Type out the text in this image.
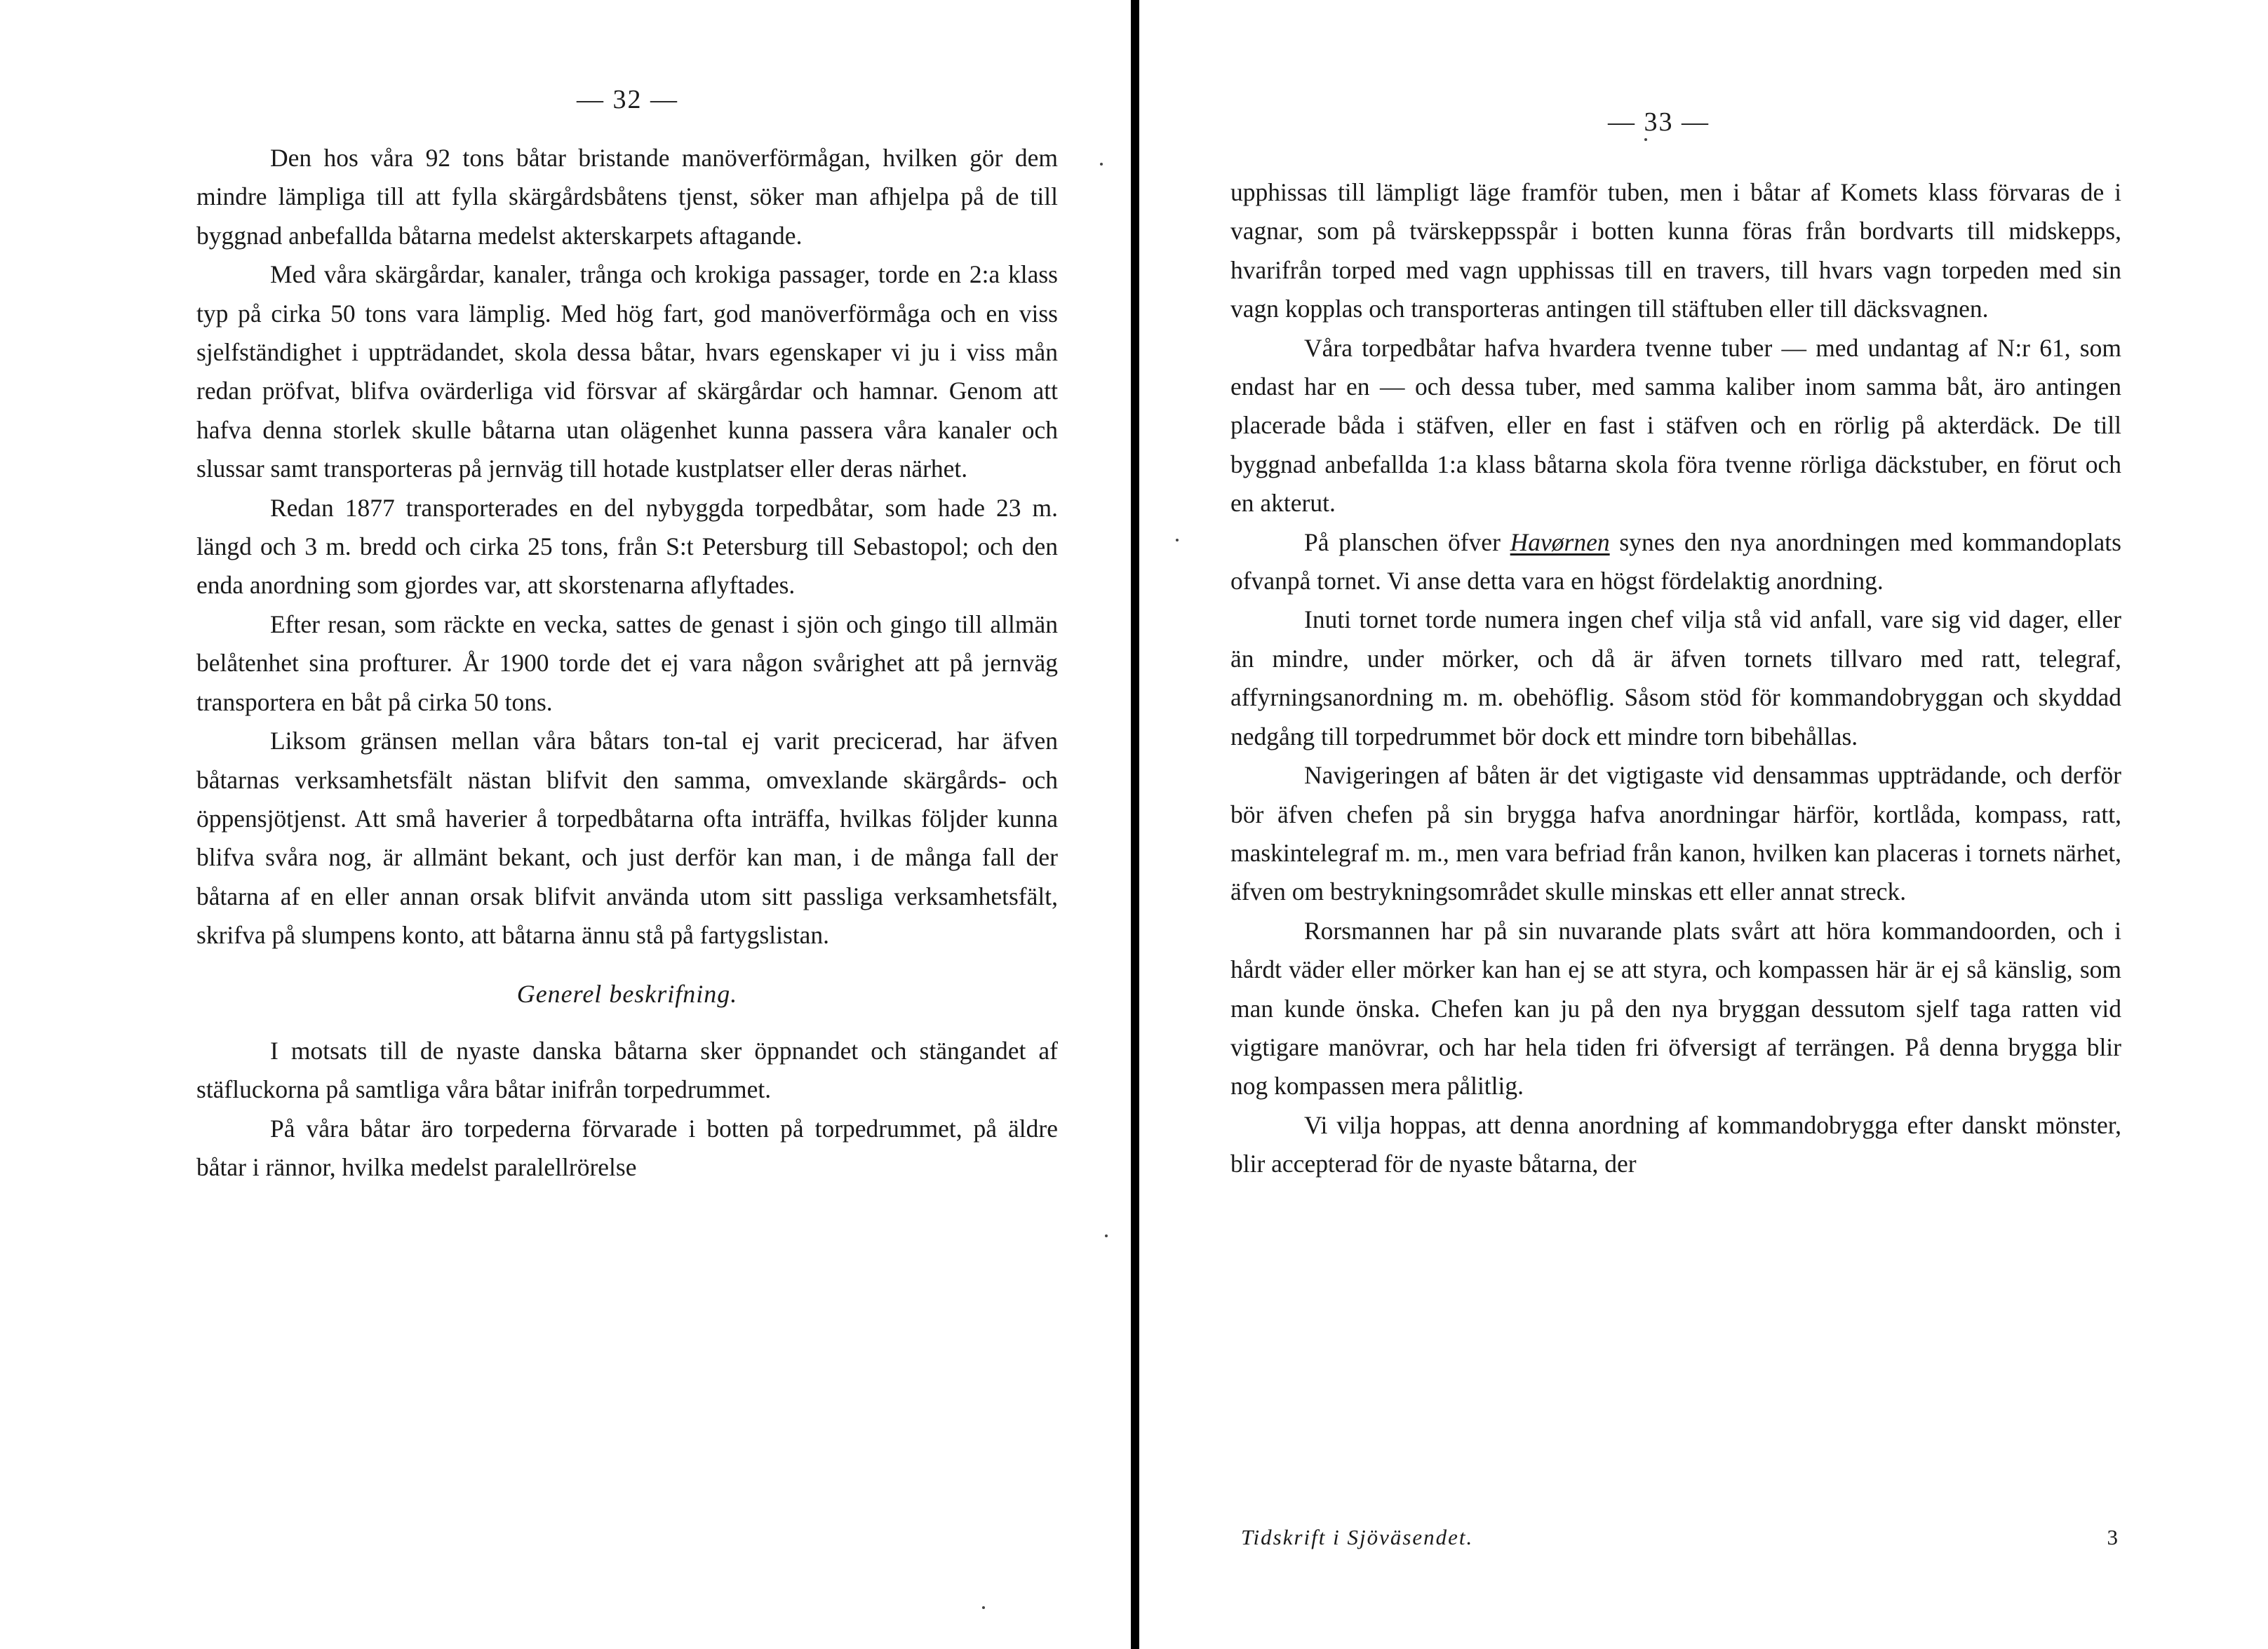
— 32 —

Den hos våra 92 tons båtar bristande manöverförmågan, hvilken gör dem mindre lämpliga till att fylla skärgårdsbåtens tjenst, söker man afhjelpa på de till byggnad anbefallda båtarna medelst akterskarpets aftagande.

Med våra skärgårdar, kanaler, trånga och krokiga passager, torde en 2:a klass typ på cirka 50 tons vara lämplig. Med hög fart, god manöverförmåga och en viss sjelfständighet i uppträdandet, skola dessa båtar, hvars egenskaper vi ju i viss mån redan pröfvat, blifva ovärderliga vid försvar af skärgårdar och hamnar. Genom att hafva denna storlek skulle båtarna utan olägenhet kunna passera våra kanaler och slussar samt transporteras på jernväg till hotade kustplatser eller deras närhet.

Redan 1877 transporterades en del nybyggda torpedbåtar, som hade 23 m. längd och 3 m. bredd och cirka 25 tons, från S:t Petersburg till Sebastopol; och den enda anordning som gjordes var, att skorstenarna aflyftades.

Efter resan, som räckte en vecka, sattes de genast i sjön och gingo till allmän belåtenhet sina profturer. År 1900 torde det ej vara någon svårighet att på jernväg transportera en båt på cirka 50 tons.

Liksom gränsen mellan våra båtars ton-tal ej varit precicerad, har äfven båtarnas verksamhetsfält nästan blifvit den samma, omvexlande skärgårds- och öppensjötjenst. Att små haverier å torpedbåtarna ofta inträffa, hvilkas följder kunna blifva svåra nog, är allmänt bekant, och just derför kan man, i de många fall der båtarna af en eller annan orsak blifvit använda utom sitt passliga verksamhetsfält, skrifva på slumpens konto, att båtarna ännu stå på fartygslistan.

Generel beskrifning.

I motsats till de nyaste danska båtarna sker öppnandet och stängandet af stäfluckorna på samtliga våra båtar inifrån torpedrummet.

På våra båtar äro torpederna förvarade i botten på torpedrummet, på äldre båtar i rännor, hvilka medelst paralellrörelse

— 33 —

upphissas till lämpligt läge framför tuben, men i båtar af Komets klass förvaras de i vagnar, som på tvärskeppsspår i botten kunna föras från bordvarts till midskepps, hvarifrån torped med vagn upphissas till en travers, till hvars vagn torpeden med sin vagn kopplas och transporteras antingen till stäftuben eller till däcksvagnen.

Våra torpedbåtar hafva hvardera tvenne tuber — med undantag af N:r 61, som endast har en — och dessa tuber, med samma kaliber inom samma båt, äro antingen placerade båda i stäfven, eller en fast i stäfven och en rörlig på akterdäck. De till byggnad anbefallda 1:a klass båtarna skola föra tvenne rörliga däckstuber, en förut och en akterut.

På planschen öfver Havørnen synes den nya anordningen med kommandoplats ofvanpå tornet. Vi anse detta vara en högst fördelaktig anordning.

Inuti tornet torde numera ingen chef vilja stå vid anfall, vare sig vid dager, eller än mindre, under mörker, och då är äfven tornets tillvaro med ratt, telegraf, affyrningsanordning m. m. obehöflig. Såsom stöd för kommandobryggan och skyddad nedgång till torpedrummet bör dock ett mindre torn bibehållas.

Navigeringen af båten är det vigtigaste vid densammas uppträdande, och derför bör äfven chefen på sin brygga hafva anordningar härför, kortlåda, kompass, ratt, maskintelegraf m. m., men vara befriad från kanon, hvilken kan placeras i tornets närhet, äfven om bestrykningsområdet skulle minskas ett eller annat streck.

Rorsmannen har på sin nuvarande plats svårt att höra kommandoorden, och i hårdt väder eller mörker kan han ej se att styra, och kompassen här är ej så känslig, som man kunde önska. Chefen kan ju på den nya bryggan dessutom sjelf taga ratten vid vigtigare manövrar, och har hela tiden fri öfversigt af terrängen. På denna brygga blir nog kompassen mera pålitlig.

Vi vilja hoppas, att denna anordning af kommandobrygga efter danskt mönster, blir accepterad för de nyaste båtarna, der

Tidskrift i Sjöväsendet.	3
